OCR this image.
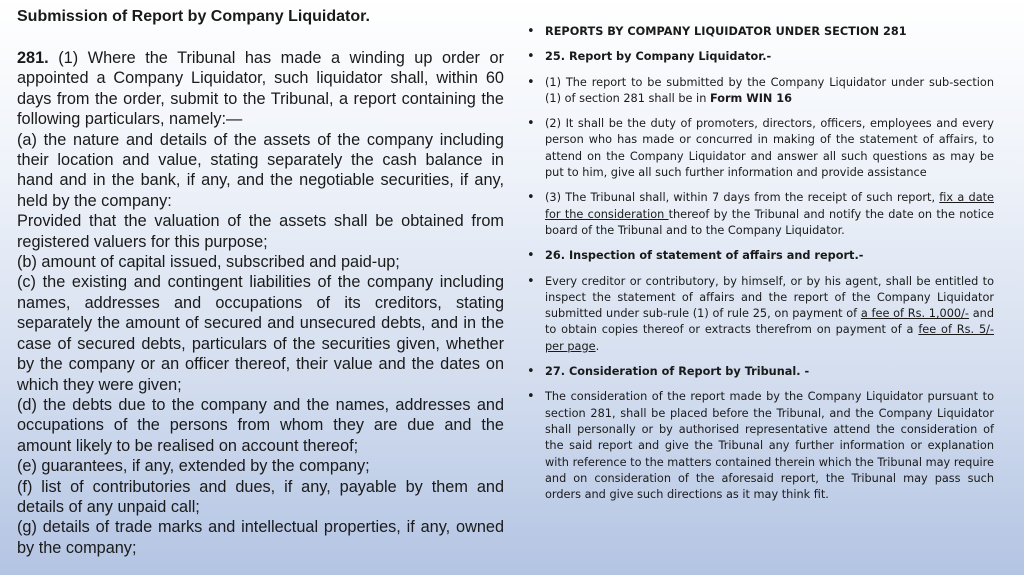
Submission of Report by Company Liquidator.

281. (1) Where the Tribunal has made a winding up order or appointed a Company Liquidator, such liquidator shall, within 60 days from the order, submit to the Tribunal, a report containing the following particulars, namely:—

(a) the nature and details of the assets of the company including their location and value, stating separately the cash balance in hand and in the bank, if any, and the negotiable securities, if any, held by the company:

Provided that the valuation of the assets shall be obtained from registered valuers for this purpose;

(b) amount of capital issued, subscribed and paid-up;

(c) the existing and contingent liabilities of the company including names, addresses and occupations of its creditors, stating separately the amount of secured and unsecured debts, and in the case of secured debts, particulars of the securities given, whether by the company or an officer thereof, their value and the dates on which they were given;

(d) the debts due to the company and the names, addresses and occupations of the persons from whom they are due and the amount likely to be realised on account thereof;

(e) guarantees, if any, extended by the company;

(f) list of contributories and dues, if any, payable by them and details of any unpaid call;

(g) details of trade marks and intellectual properties, if any, owned by the company;

• REPORTS BY COMPANY LIQUIDATOR UNDER SECTION 281
• 25. Report by Company Liquidator.-
• (1) The report to be submitted by the Company Liquidator under sub-section (1) of section 281 shall be in Form WIN 16
• (2) It shall be the duty of promoters, directors, officers, employees and every person who has made or concurred in making of the statement of affairs, to attend on the Company Liquidator and answer all such questions as may be put to him, give all such further information and provide assistance
• (3) The Tribunal shall, within 7 days from the receipt of such report, fix a date for the consideration thereof by the Tribunal and notify the date on the notice board of the Tribunal and to the Company Liquidator.
• 26. Inspection of statement of affairs and report.-
• Every creditor or contributory, by himself, or by his agent, shall be entitled to inspect the statement of affairs and the report of the Company Liquidator submitted under sub-rule (1) of rule 25, on payment of a fee of Rs. 1,000/- and to obtain copies thereof or extracts therefrom on payment of a fee of Rs. 5/- per page.
• 27. Consideration of Report by Tribunal. -
• The consideration of the report made by the Company Liquidator pursuant to section 281, shall be placed before the Tribunal, and the Company Liquidator shall personally or by authorised representative attend the consideration of the said report and give the Tribunal any further information or explanation with reference to the matters contained therein which the Tribunal may require and on consideration of the aforesaid report, the Tribunal may pass such orders and give such directions as it may think fit.
